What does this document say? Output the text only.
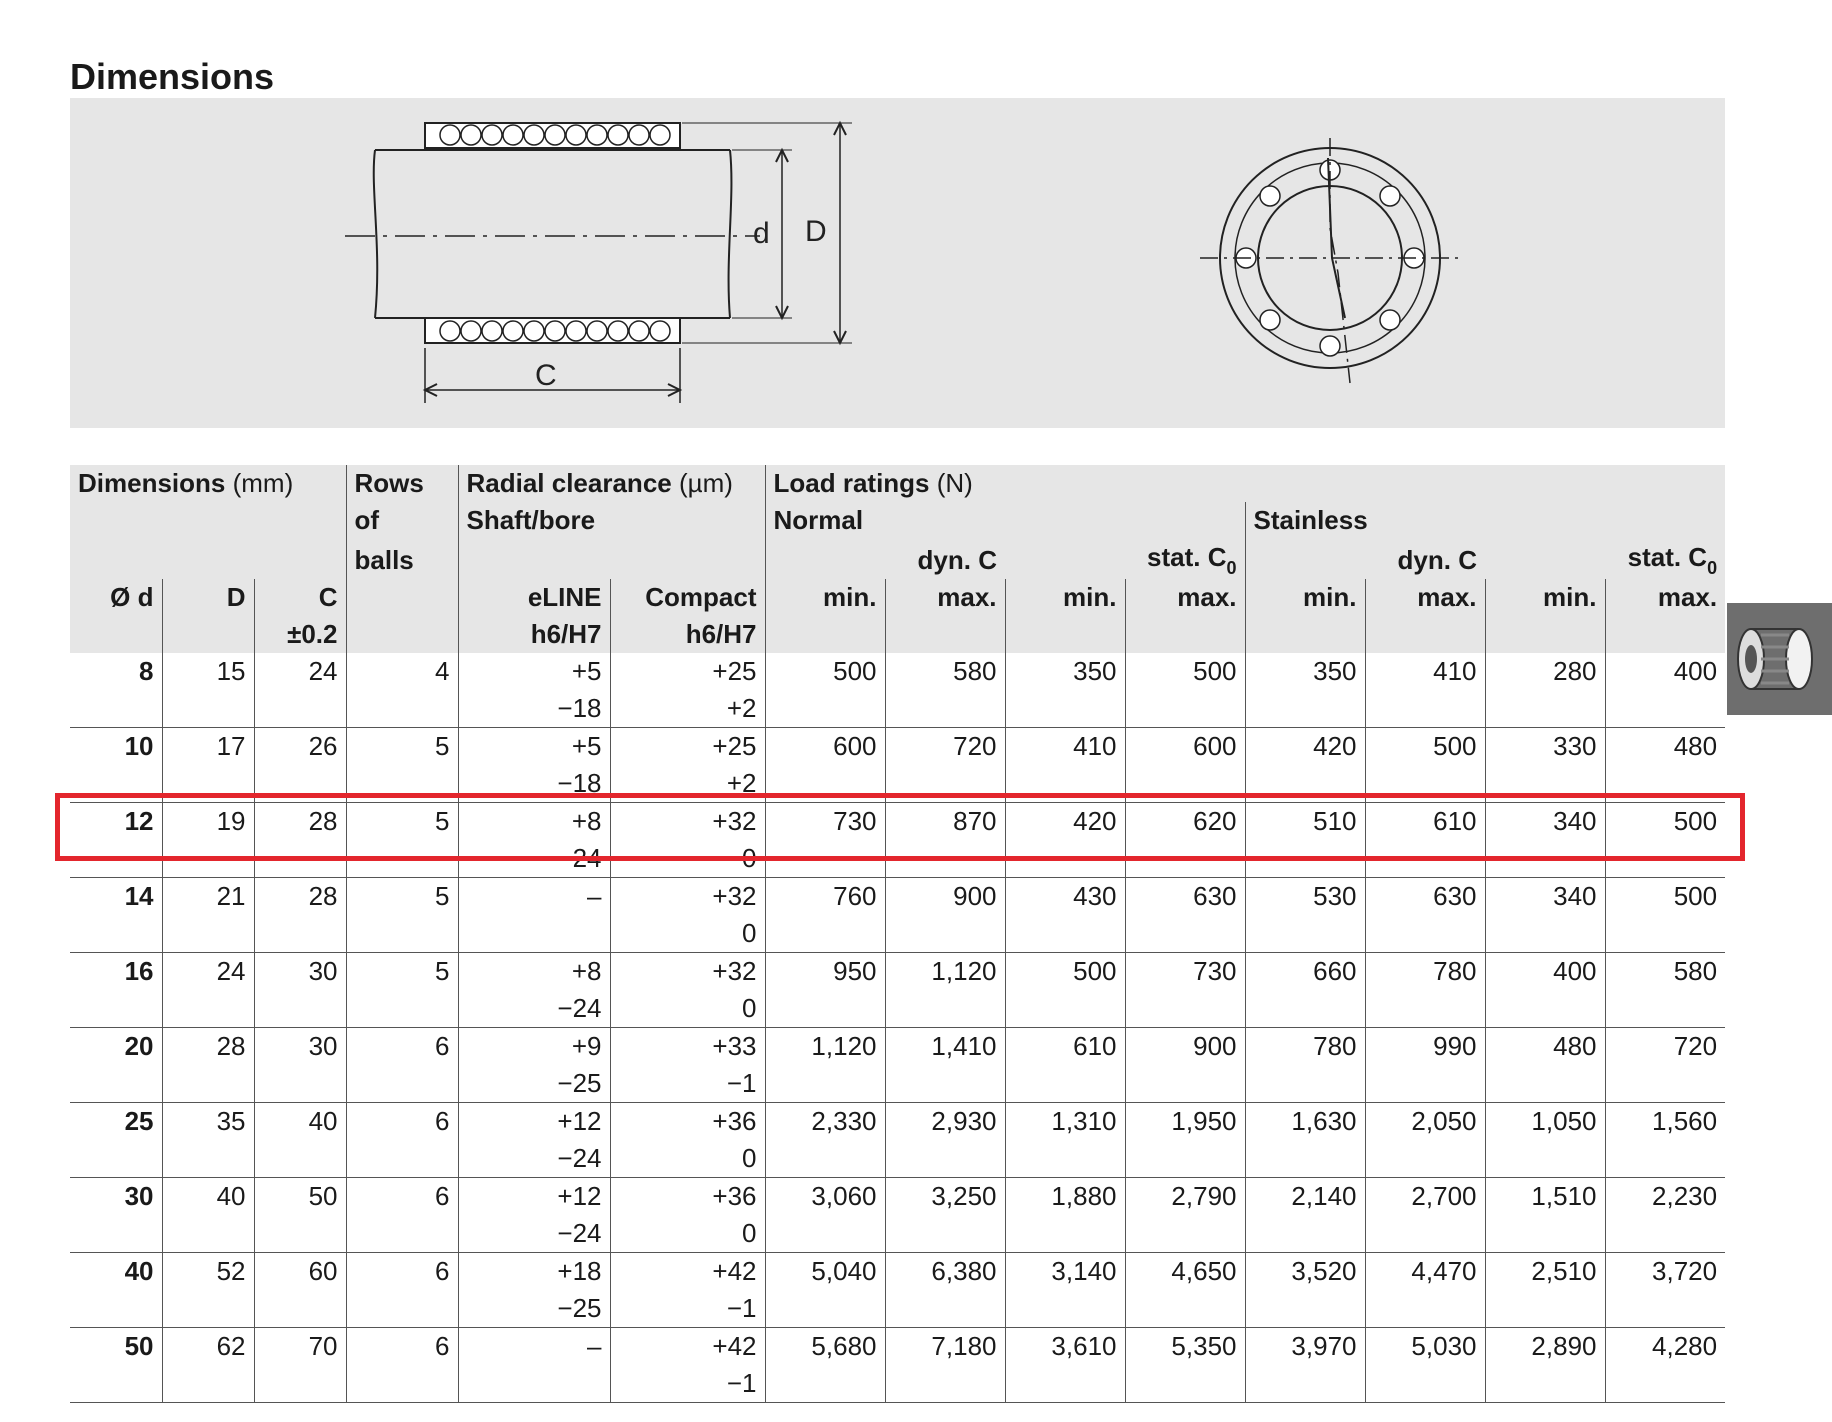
Dimensions
d D
C
Dimensions (mm)			Rows	Radial clearance (µm)		Load ratings (N)							
			of	Shaft/bore		Normal				Stainless			
			balls			dyn. C		stat. $C_0$		dyn. C		stat. $C_0$
Ø d	D	C		eLINE	Compact	min.	max.	min.	max.	min.	max.	min.	max.
		±0.2		h6/H7	h6/H7								
8	15	24	4	+5	+25	500	580	350	500	350	410	280	400
				−18	+2								
10	17	26	5	+5	+25	600	720	410	600	420	500	330	480
				−18	+2								
12	19	28	5	+8	+32	730	870	420	620	510	610	340	500
				−24	0								
14	21	28	5	–	+32	760	900	430	630	530	630	340	500
					0								
16	24	30	5	+8	+32	950	1,120	500	730	660	780	400	580
				−24	0								
20	28	30	6	+9	+33	1,120	1,410	610	900	780	990	480	720
				−25	−1								
25	35	40	6	+12	+36	2,330	2,930	1,310	1,950	1,630	2,050	1,050	1,560
				−24	0								
30	40	50	6	+12	+36	3,060	3,250	1,880	2,790	2,140	2,700	1,510	2,230
				−24	0								
40	52	60	6	+18	+42	5,040	6,380	3,140	4,650	3,520	4,470	2,510	3,720
				−25	−1								
50	62	70	6	–	+42	5,680	7,180	3,610	5,350	3,970	5,030	2,890	4,280
					−1								
